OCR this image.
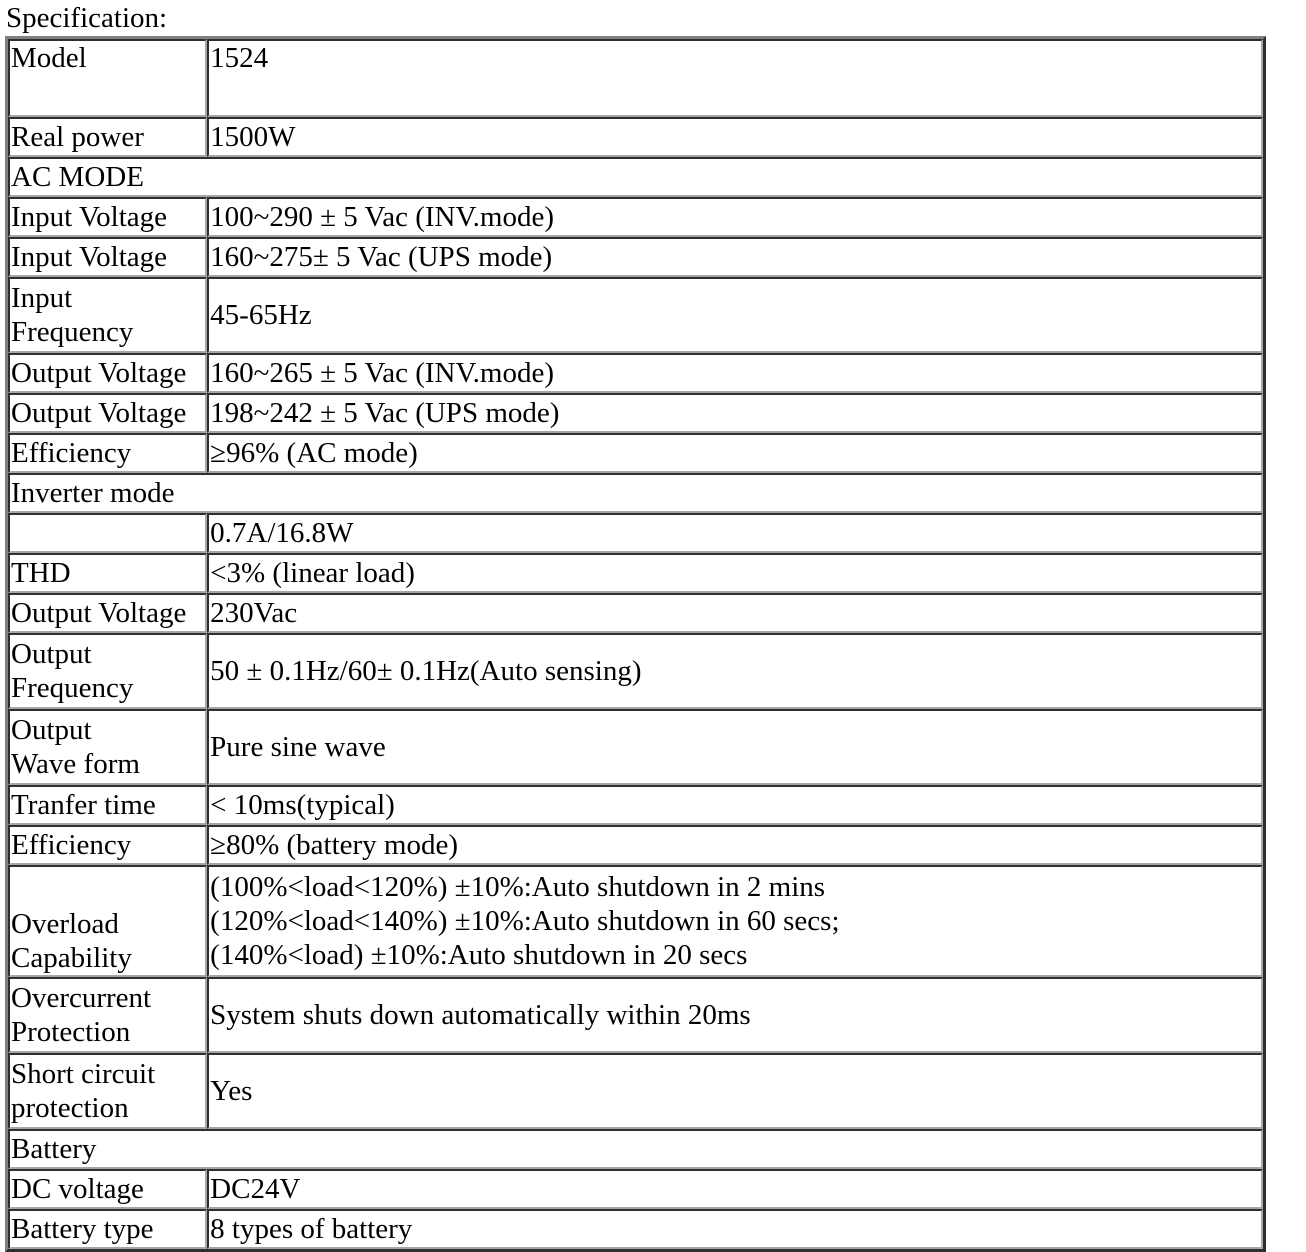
Specification:
Model	1524
Real power	1500W
AC MODE	
Input Voltage	100~290 ± 5 Vac (INV.mode)
Input Voltage	160~275± 5 Vac (UPS mode)

Input
Frequency	45-65Hz
Output Voltage	160~265 ± 5 Vac (INV.mode)
Output Voltage	198~242 ± 5 Vac (UPS mode)
Efficiency	≥96% (AC mode)
Inverter mode	
	0.7A/16.8W
THD	<3% (linear load)
Output Voltage	230Vac

Output
Frequency	50 ± 0.1Hz/60± 0.1Hz(Auto sensing)

Output
Wave form	Pure sine wave
Tranfer time	< 10ms(typical)
Efficiency	≥80% (battery mode)

Overload
Capability	(100%<load<120%) ±10%:Auto shutdown in 2 mins
(120%<load<140%) ±10%:Auto shutdown in 60 secs;
(140%<load) ±10%:Auto shutdown in 20 secs

Overcurrent
Protection	System shuts down automatically within 20ms

Short circuit
protection	Yes
Battery	
DC voltage	DC24V
Battery type	8 types of battery
